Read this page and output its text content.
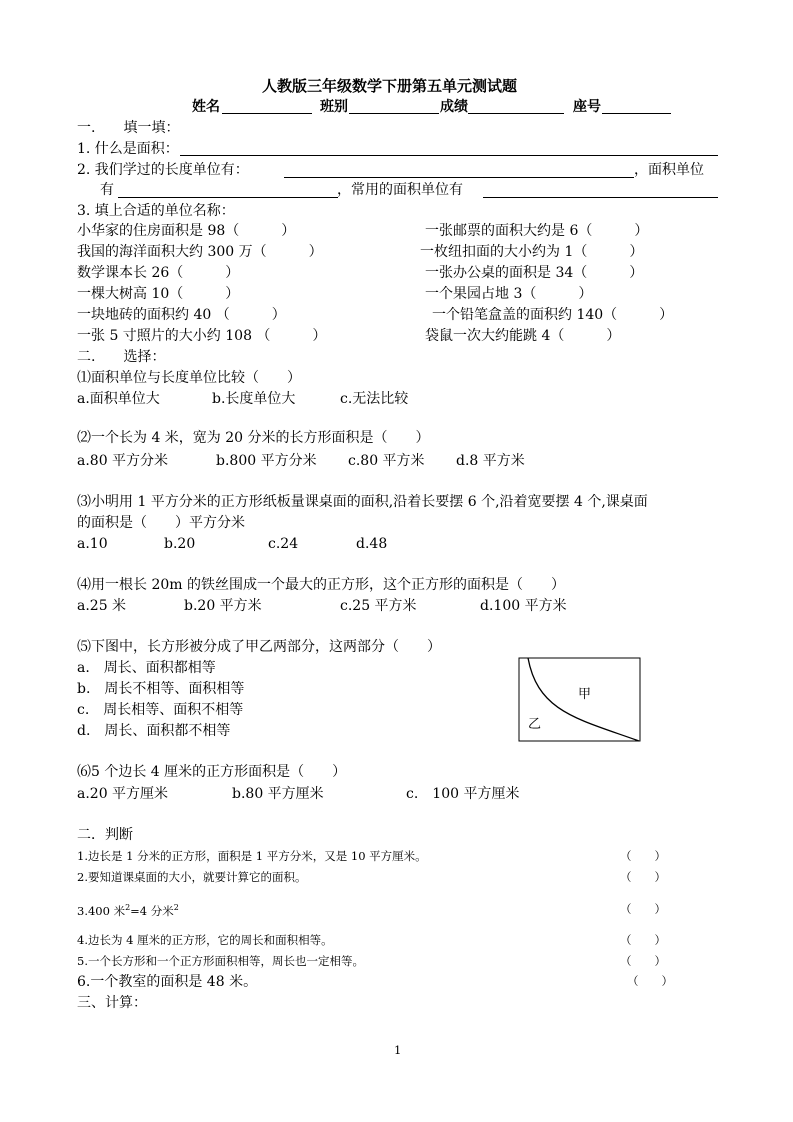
人教版三年级数学下册第五单元测试题
姓名	班别	成绩	座号
一.　　填一填：
1. 什么是面积：
2. 我们学过的长度单位有：	，面积单位
有	，常用的面积单位有
3. 填上合适的单位名称：
小华家的住房面积是 98（　　　）	一张邮票的面积大约是 6（　　　）
我国的海洋面积大约 300 万（　　　）	一枚纽扣面的大小约为 1（　　　）
数学课本长 26（　　　）	一张办公桌的面积是 34（　　　）
一棵大树高 10（　　　）	一个果园占地 3（　　　）
一块地砖的面积约 40 （　　　）	一个铅笔盒盖的面积约 140（　　　）
一张 5 寸照片的大小约 108 （　　　）	袋鼠一次大约能跳 4（　　　）
二.　　选择：
⑴面积单位与长度单位比较（　　）
a.面积单位大	b.长度单位大	c.无法比较
⑵一个长为 4 米，宽为 20 分米的长方形面积是（　　）
a.80 平方分米	b.800 平方分米 c.80 平方米 d.8 平方米
⑶小明用 1 平方分米的正方形纸板量课桌面的面积,沿着长要摆 6 个,沿着宽要摆 4 个,课桌面
的面积是（　　）平方分米
a.10	b.20	c.24	d.48
⑷用一根长 20m 的铁丝围成一个最大的正方形，这个正方形的面积是（　　）
a.25 米	b.20 平方米	c.25 平方米	d.100 平方米
⑸下图中，长方形被分成了甲乙两部分，这两部分（　　）
a.　周长、面积都相等
b.　周长不相等、面积相等
c.　周长相等、面积不相等
d.　周长、面积都不相等
甲
乙
⑹5 个边长 4 厘米的正方形面积是（　　）
a.20 平方厘米	b.80 平方厘米	c.　100 平方厘米
二．判断
1.边长是 1 分米的正方形，面积是 1 平方分米，又是 10 平方厘米。	（　　）
2.要知道课桌面的大小，就要计算它的面积。	（　　）
3.400 米$^2$=4 分米$^2$	（　　）
4.边长为 4 厘米的正方形，它的周长和面积相等。	（　　）
5.一个长方形和一个正方形面积相等，周长也一定相等。	（　　）
6.一个教室的面积是 48 米。	（　　）
三、计算：
1
